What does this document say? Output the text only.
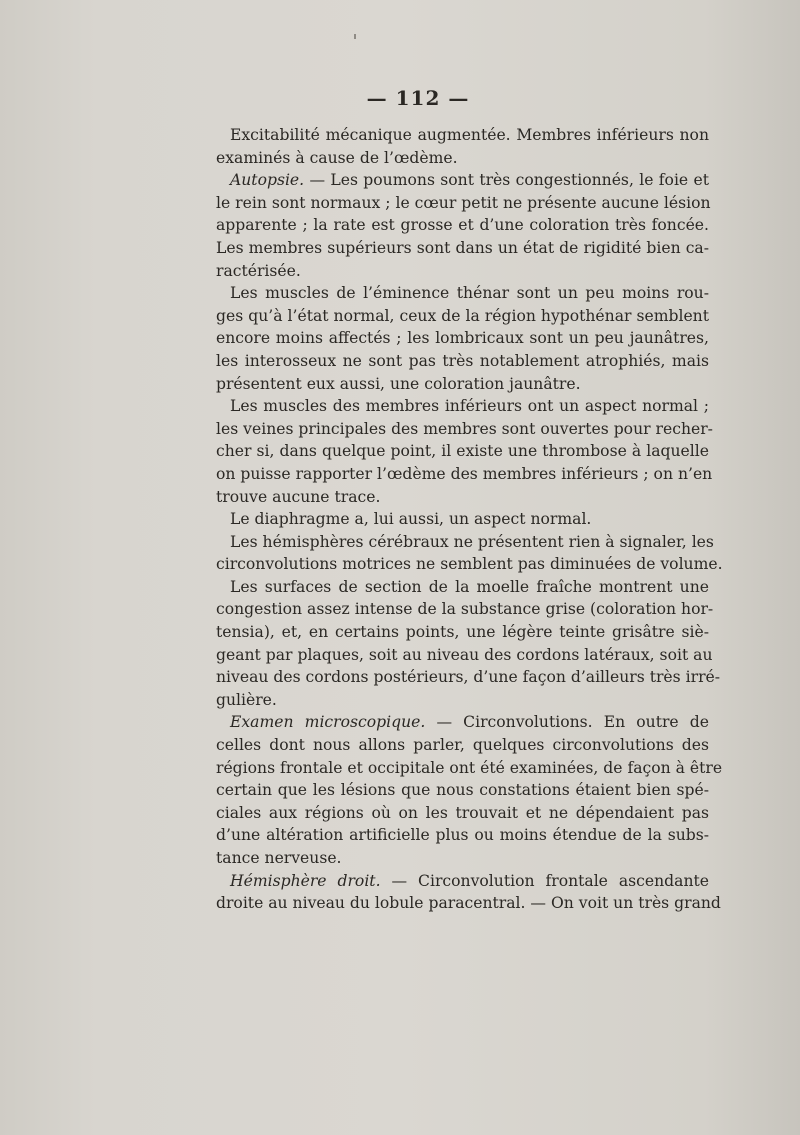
— 112 —
Excitabilité mécanique augmentée. Membres inférieurs non
examinés à cause de l’œdème.
Autopsie. — Les poumons sont très congestionnés, le foie et
le rein sont normaux ; le cœur petit ne présente aucune lésion
apparente ; la rate est grosse et d’une coloration très foncée.
Les membres supérieurs sont dans un état de rigidité bien ca-
ractérisée.
Les muscles de l’éminence thénar sont un peu moins rou-
ges qu’à l’état normal, ceux de la région hypothénar semblent
encore moins affectés ; les lombricaux sont un peu jaunâtres,
les interosseux ne sont pas très notablement atrophiés, mais
présentent eux aussi, une coloration jaunâtre.
Les muscles des membres inférieurs ont un aspect normal ;
les veines principales des membres sont ouvertes pour recher-
cher si, dans quelque point, il existe une thrombose à laquelle
on puisse rapporter l’œdème des membres inférieurs ; on n’en
trouve aucune trace.
Le diaphragme a, lui aussi, un aspect normal.
Les hémisphères cérébraux ne présentent rien à signaler, les
circonvolutions motrices ne semblent pas diminuées de volume.
Les surfaces de section de la moelle fraîche montrent une
congestion assez intense de la substance grise (coloration hor-
tensia), et, en certains points, une légère teinte grisâtre siè-
geant par plaques, soit au niveau des cordons latéraux, soit au
niveau des cordons postérieurs, d’une façon d’ailleurs très irré-
gulière.
Examen microscopique. — Circonvolutions. En outre de
celles dont nous allons parler, quelques circonvolutions des
régions frontale et occipitale ont été examinées, de façon à être
certain que les lésions que nous constations étaient bien spé-
ciales aux régions où on les trouvait et ne dépendaient pas
d’une altération artificielle plus ou moins étendue de la subs-
tance nerveuse.
Hémisphère droit. — Circonvolution frontale ascendante
droite au niveau du lobule paracentral. — On voit un très grand
